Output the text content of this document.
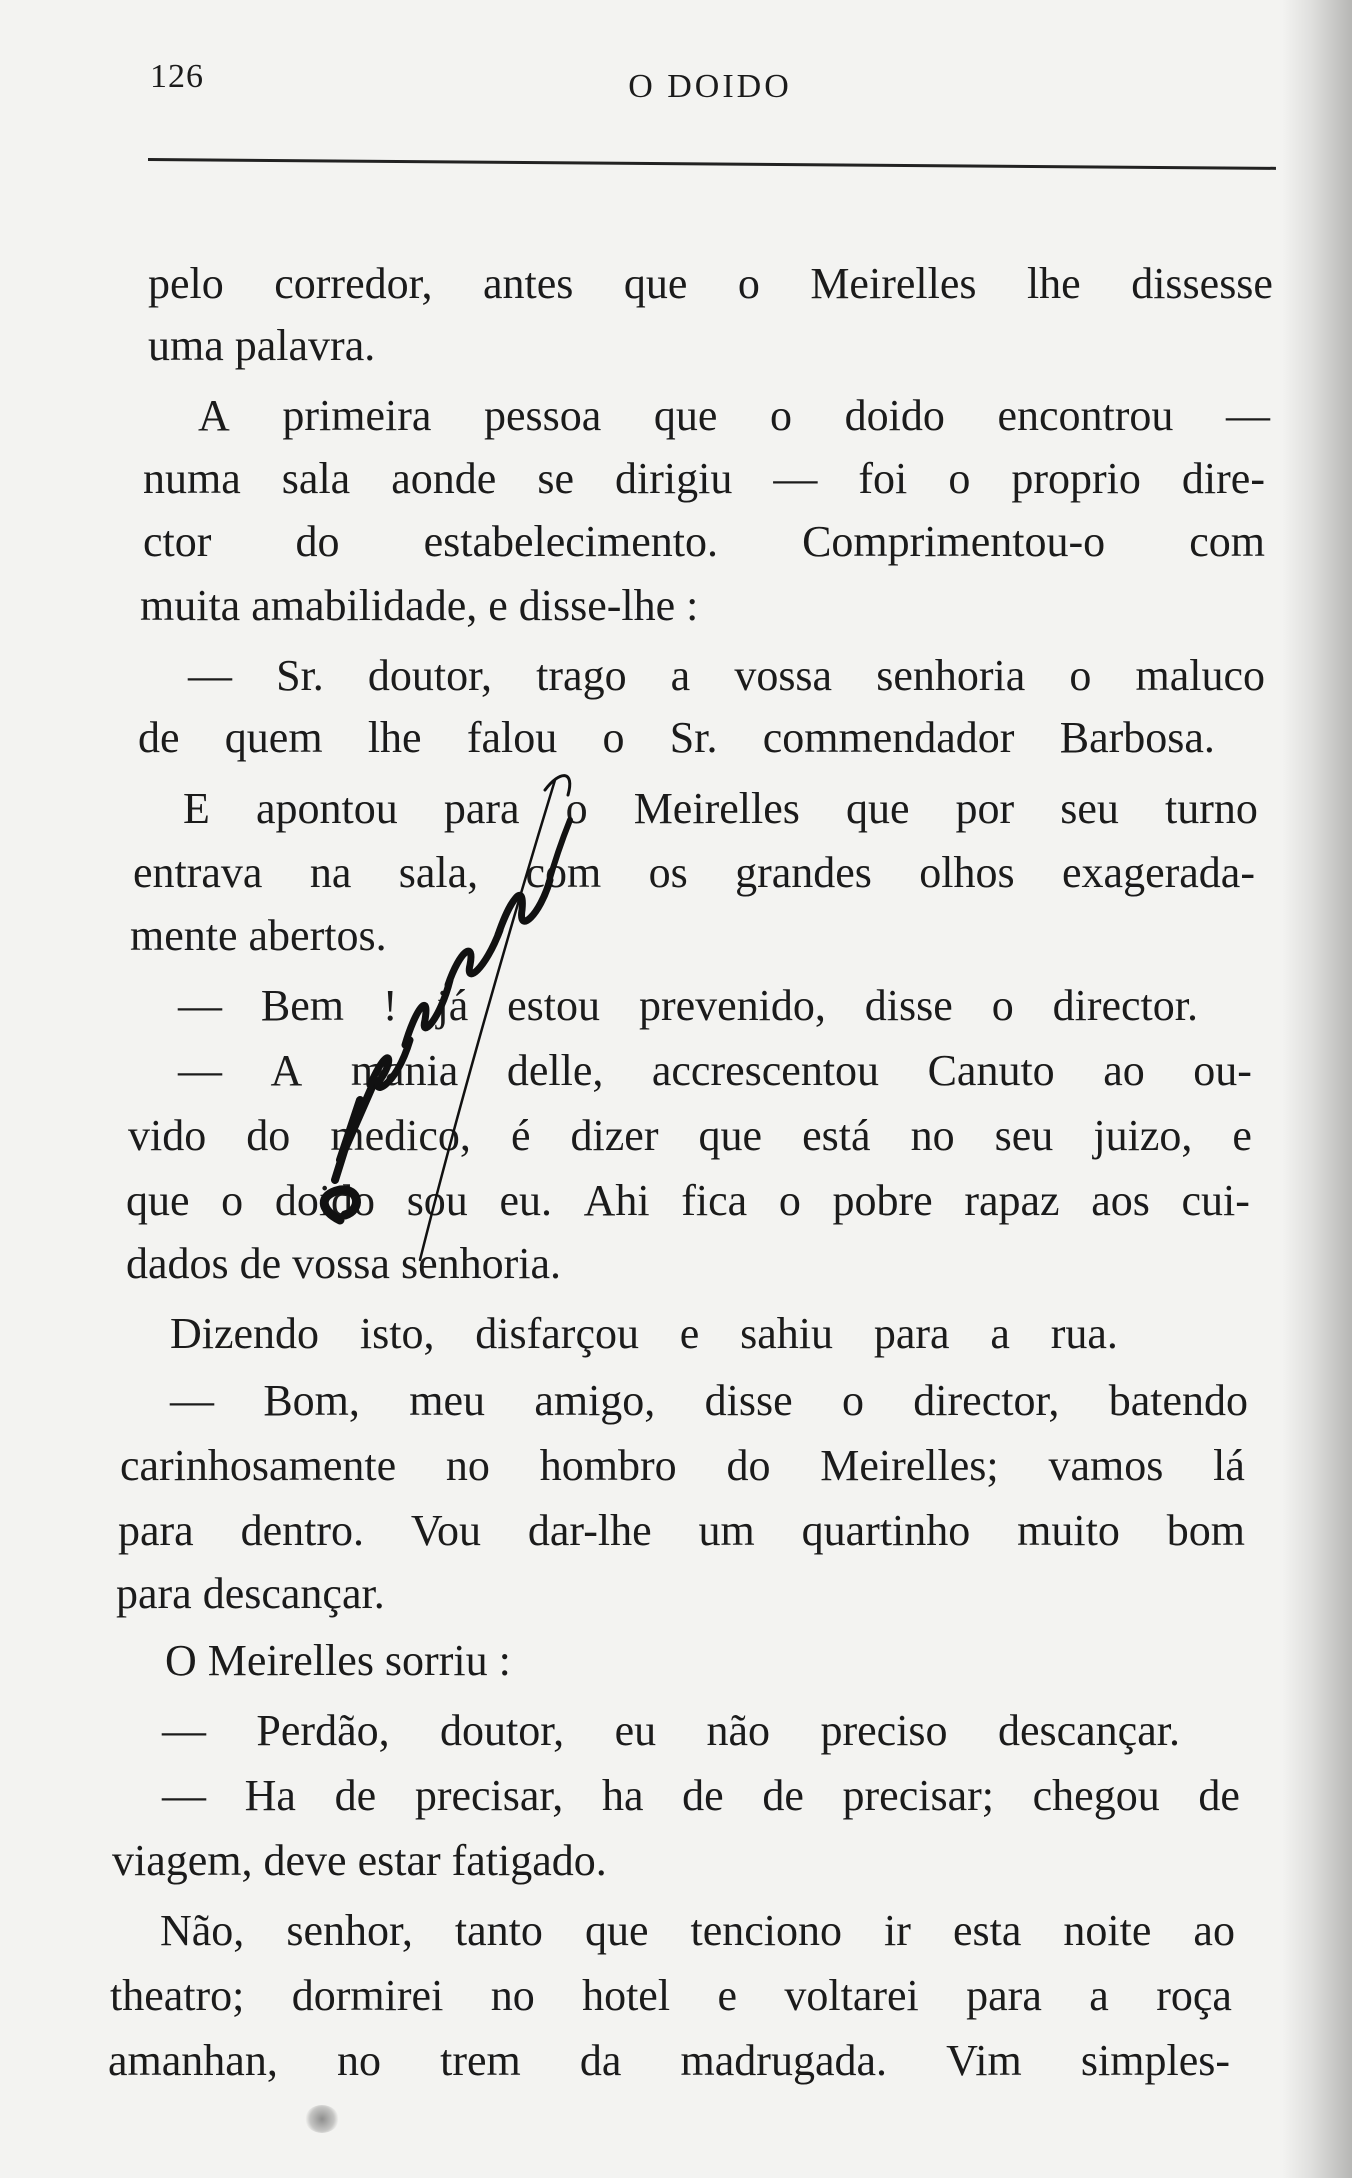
126	O DOIDO
pelo corredor, antes que o Meirelles lhe dissesse
uma palavra.
A primeira pessoa que o doido encontrou —
numa sala aonde se dirigiu — foi o proprio dire-
ctor do estabelecimento. Comprimentou-o com
muita amabilidade, e disse-lhe :
— Sr. doutor, trago a vossa senhoria o maluco
de quem lhe falou o Sr. commendador Barbosa.
E apontou para o Meirelles que por seu turno
entrava na sala, com os grandes olhos exagerada-
mente abertos.
— Bem ! já estou prevenido, disse o director.
— A mania delle, accrescentou Canuto ao ou-
vido do medico, é dizer que está no seu juizo, e
que o doido sou eu. Ahi fica o pobre rapaz aos cui-
dados de vossa senhoria.
Dizendo isto, disfarçou e sahiu para a rua.
— Bom, meu amigo, disse o director, batendo
carinhosamente no hombro do Meirelles; vamos lá
para dentro. Vou dar-lhe um quartinho muito bom
para descançar.
O Meirelles sorriu :
— Perdão, doutor, eu não preciso descançar.
— Ha de precisar, ha de de precisar; chegou de
viagem, deve estar fatigado.
Não, senhor, tanto que tenciono ir esta noite ao
theatro; dormirei no hotel e voltarei para a roça
amanhan, no trem da madrugada. Vim simples-
